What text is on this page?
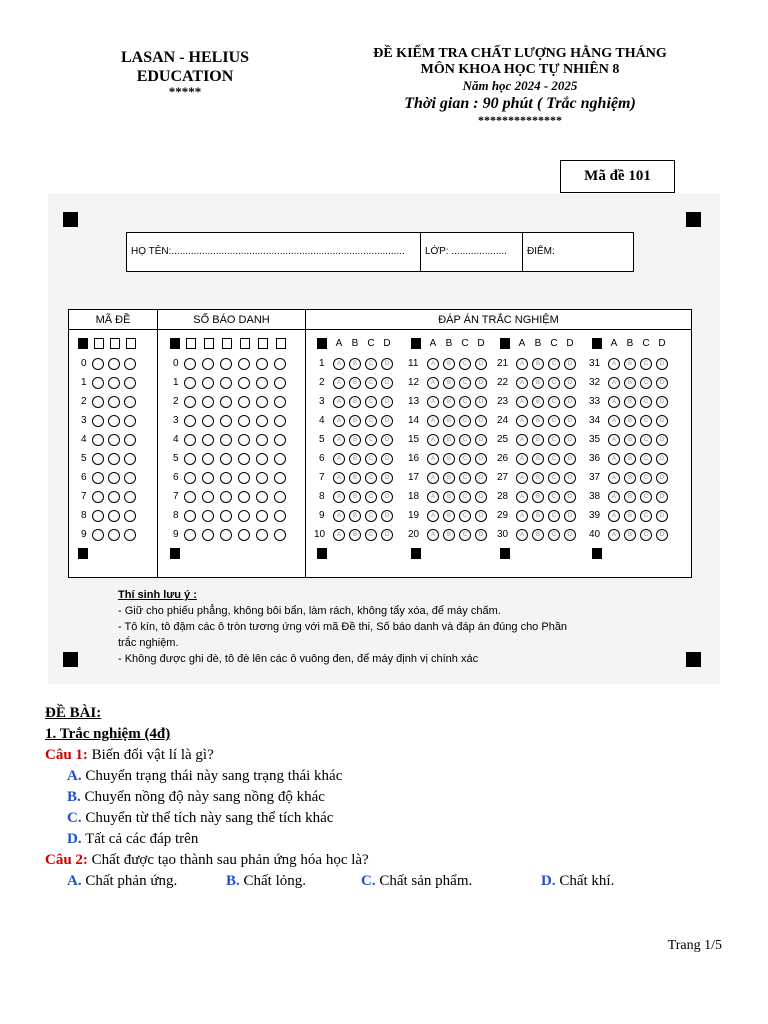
LASAN - HELIUS
EDUCATION
*****
ĐỀ KIỂM TRA CHẤT LƯỢNG HẰNG THÁNG
MÔN KHOA HỌC TỰ NHIÊN 8
Năm học 2024 - 2025
Thời gian : 90 phút ( Trắc nghiệm)
**************
Mã đề 101
HỌ TÊN:....................................................................................	LỚP: ....................	ĐIỂM:
MÃ ĐỀ	SỐ BÁO DANH	ĐÁP ÁN TRẮC NGHIỆM
0
1
2
3
4
5
6
7
8
9
0
1
2
3
4
5
6
7
8
9
A B C D
1	A	B	C	D
2	A	B	C	D
3	A	B	C	D
4	A	B	C	D
5	A	B	C	D
6	A	B	C	D
7	A	B	C	D
8	A	B	C	D
9	A	B	C	D
10	A	B	C	D
A B C D
11	A	B	C	D
12	A	B	C	D
13	A	B	C	D
14	A	B	C	D
15	A	B	C	D
16	A	B	C	D
17	A	B	C	D
18	A	B	C	D
19	A	B	C	D
20	A	B	C	D
A B C D
21	A	B	C	D
22	A	B	C	D
23	A	B	C	D
24	A	B	C	D
25	A	B	C	D
26	A	B	C	D
27	A	B	C	D
28	A	B	C	D
29	A	B	C	D
30	A	B	C	D
A B C D
31	A	B	C	D
32	A	B	C	D
33	A	B	C	D
34	A	B	C	D
35	A	B	C	D
36	A	B	C	D
37	A	B	C	D
38	A	B	C	D
39	A	B	C	D
40	A	B	C	D
Thí sinh lưu ý :
- Giữ cho phiếu phẳng, không bôi bẩn, làm rách, không tẩy xóa, để máy chấm.
- Tô kín, tô đậm các ô tròn tương ứng với mã Đề thi, Số báo danh và đáp án đúng cho Phần
trắc nghiệm.
- Không được ghi đè, tô đè lên các ô vuông đen, để máy định vị chính xác
ĐỀ BÀI:
1. Trắc nghiệm (4đ)
Câu 1: Biến đổi vật lí là gì?
A. Chuyển trạng thái này sang trạng thái khác
B. Chuyển nồng độ này sang nồng độ khác
C. Chuyển từ thể tích này sang thể tích khác
D. Tất cả các đáp trên
Câu 2: Chất được tạo thành sau phản ứng hóa học là?
A. Chất phản ứng.	B. Chất lỏng.	C. Chất sản phẩm.	D. Chất khí.
Trang 1/5
